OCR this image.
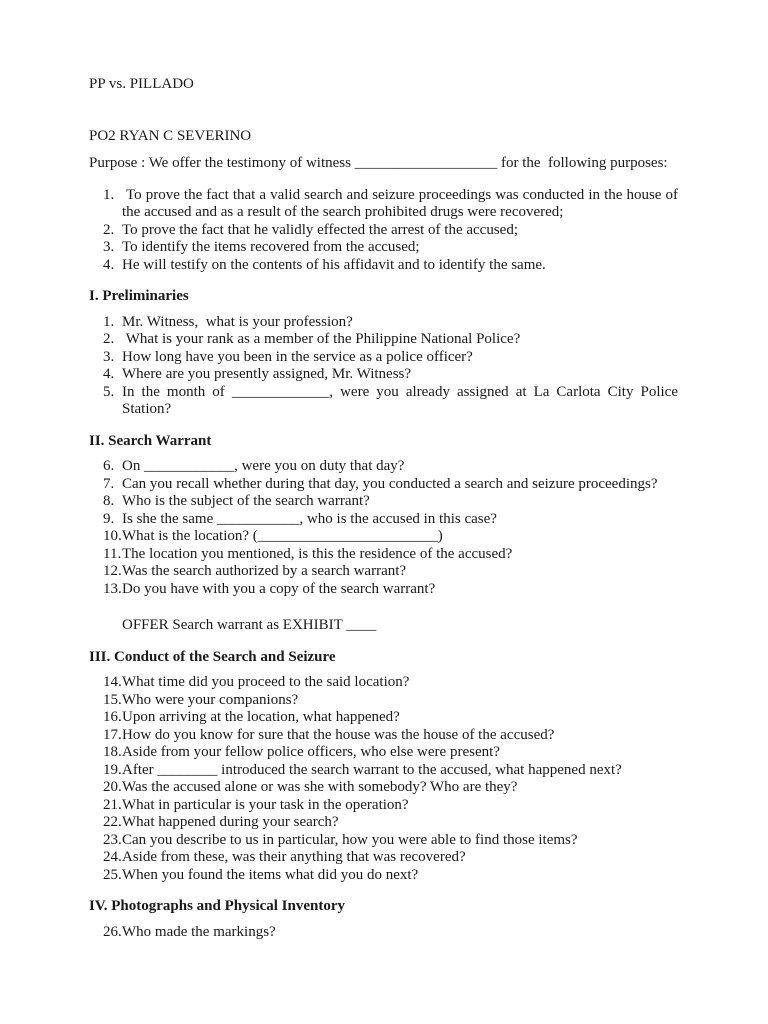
PP vs. PILLADO

PO2 RYAN C SEVERINO

Purpose : We offer the testimony of witness ___________________ for the  following purposes:

1. To prove the fact that a valid search and seizure proceedings was conducted in the house of the accused and as a result of the search prohibited drugs were recovered;
2. To prove the fact that he validly effected the arrest of the accused;
3. To identify the items recovered from the accused;
4. He will testify on the contents of his affidavit and to identify the same.

I. Preliminaries

1. Mr. Witness,  what is your profession?
2. What is your rank as a member of the Philippine National Police?
3. How long have you been in the service as a police officer?
4. Where are you presently assigned, Mr. Witness?
5. In the month of _____________, were you already assigned at La Carlota City Police Station?

II. Search Warrant

6. On ____________, were you on duty that day?
7. Can you recall whether during that day, you conducted a search and seizure proceedings?
8. Who is the subject of the search warrant?
9. Is she the same ___________, who is the accused in this case?
10. What is the location? (________________________)
11. The location you mentioned, is this the residence of the accused?
12. Was the search authorized by a search warrant?
13. Do you have with you a copy of the search warrant?

OFFER Search warrant as EXHIBIT ____

III. Conduct of the Search and Seizure

14. What time did you proceed to the said location?
15. Who were your companions?
16. Upon arriving at the location, what happened?
17. How do you know for sure that the house was the house of the accused?
18. Aside from your fellow police officers, who else were present?
19. After ________ introduced the search warrant to the accused, what happened next?
20. Was the accused alone or was she with somebody? Who are they?
21. What in particular is your task in the operation?
22. What happened during your search?
23. Can you describe to us in particular, how you were able to find those items?
24. Aside from these, was their anything that was recovered?
25. When you found the items what did you do next?

IV. Photographs and Physical Inventory

26. Who made the markings?
